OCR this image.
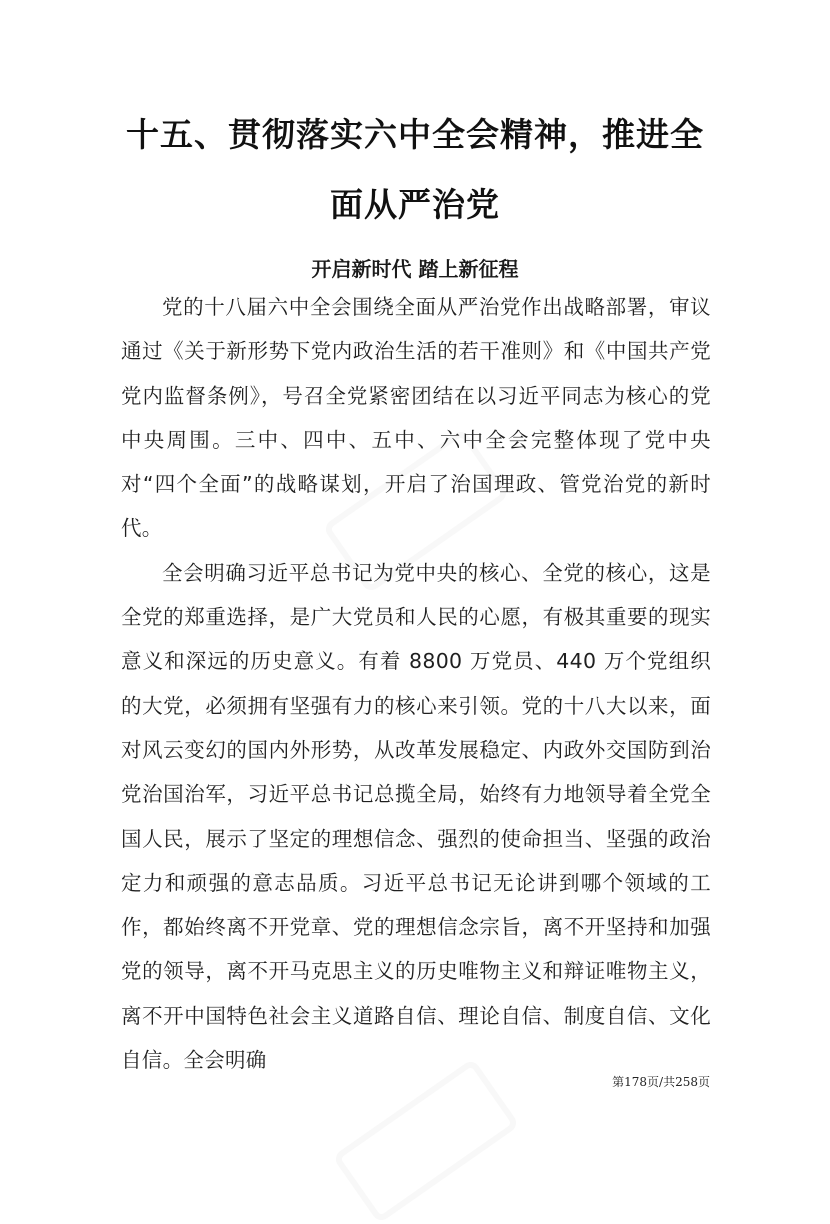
十五、贯彻落实六中全会精神，推进全面从严治党
开启新时代 踏上新征程

党的十八届六中全会围绕全面从严治党作出战略部署，审议通过《关于新形势下党内政治生活的若干准则》和《中国共产党党内监督条例》，号召全党紧密团结在以习近平同志为核心的党中央周围。三中、四中、五中、六中全会完整体现了党中央对“四个全面”的战略谋划，开启了治国理政、管党治党的新时代。

全会明确习近平总书记为党中央的核心、全党的核心，这是全党的郑重选择，是广大党员和人民的心愿，有极其重要的现实意义和深远的历史意义。有着 8800 万党员、440 万个党组织的大党，必须拥有坚强有力的核心来引领。党的十八大以来，面对风云变幻的国内外形势，从改革发展稳定、内政外交国防到治党治国治军，习近平总书记总揽全局，始终有力地领导着全党全国人民，展示了坚定的理想信念、强烈的使命担当、坚强的政治定力和顽强的意志品质。习近平总书记无论讲到哪个领域的工作，都始终离不开党章、党的理想信念宗旨，离不开坚持和加强党的领导，离不开马克思主义的历史唯物主义和辩证唯物主义，离不开中国特色社会主义道路自信、理论自信、制度自信、文化自信。全会明确

第178页/共258页
